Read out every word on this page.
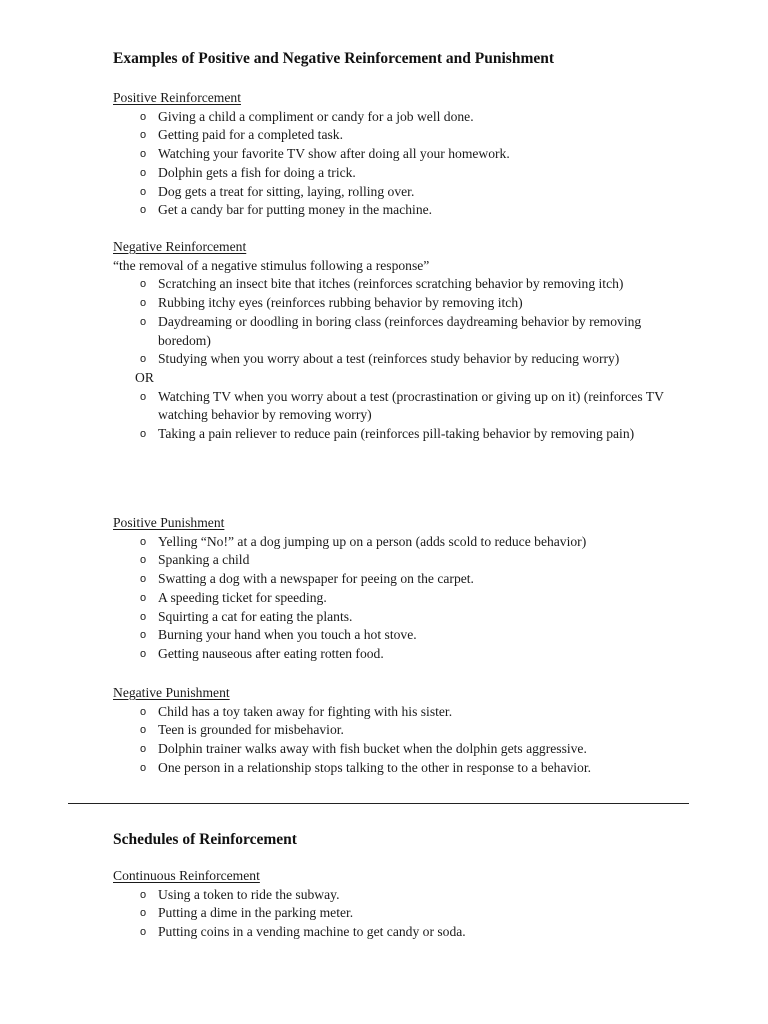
Examples of Positive and Negative Reinforcement and Punishment
Positive Reinforcement
o Giving a child a compliment or candy for a job well done.
o Getting paid for a completed task.
o Watching your favorite TV show after doing all your homework.
o Dolphin gets a fish for doing a trick.
o Dog gets a treat for sitting, laying, rolling over.
o Get a candy bar for putting money in the machine.
Negative Reinforcement
“the removal of a negative stimulus following a response”
o Scratching an insect bite that itches (reinforces scratching behavior by removing itch)
o Rubbing itchy eyes (reinforces rubbing behavior by removing itch)
o Daydreaming or doodling in boring class (reinforces daydreaming behavior by removing boredom)
o Studying when you worry about a test (reinforces study behavior by reducing worry)
OR
o Watching TV when you worry about a test (procrastination or giving up on it) (reinforces TV watching behavior by removing worry)
o Taking a pain reliever to reduce pain (reinforces pill-taking behavior by removing pain)
Positive Punishment
o Yelling “No!” at a dog jumping up on a person (adds scold to reduce behavior)
o Spanking a child
o Swatting a dog with a newspaper for peeing on the carpet.
o A speeding ticket for speeding.
o Squirting a cat for eating the plants.
o Burning your hand when you touch a hot stove.
o Getting nauseous after eating rotten food.
Negative Punishment
o Child has a toy taken away for fighting with his sister.
o Teen is grounded for misbehavior.
o Dolphin trainer walks away with fish bucket when the dolphin gets aggressive.
o One person in a relationship stops talking to the other in response to a behavior.
Schedules of Reinforcement
Continuous Reinforcement
o Using a token to ride the subway.
o Putting a dime in the parking meter.
o Putting coins in a vending machine to get candy or soda.
